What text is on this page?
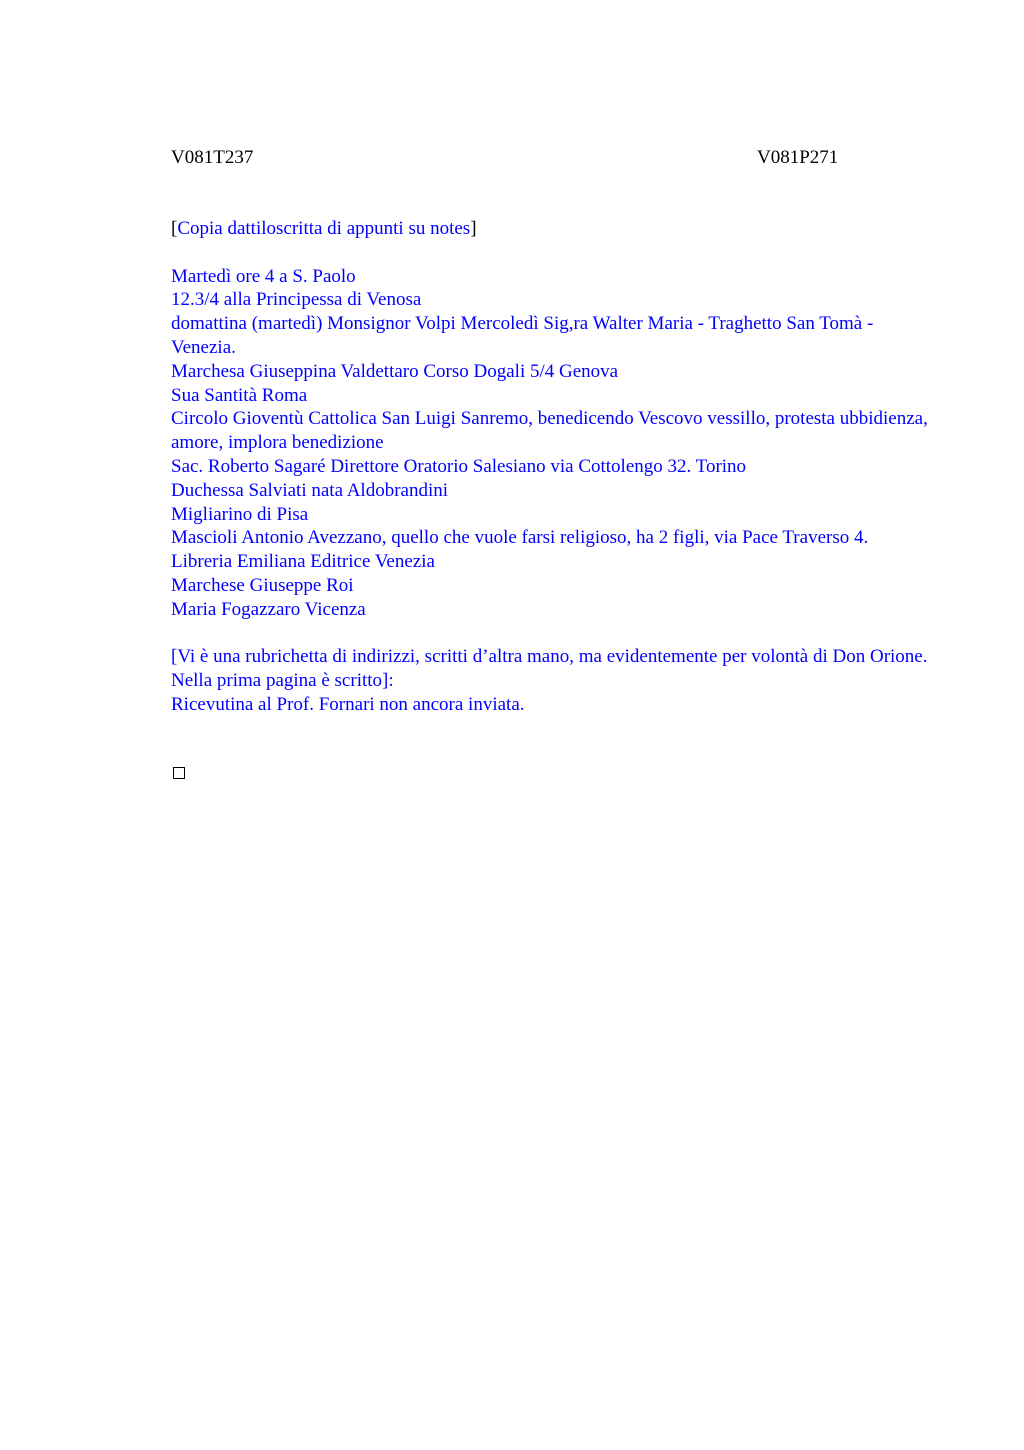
V081T237	V081P271

[Copia dattiloscritta di appunti su notes]

Martedì ore 4 a S. Paolo
12.3/4 alla Principessa di Venosa
domattina (martedì) Monsignor Volpi Mercoledì Sig,ra Walter Maria - Traghetto San Tomà - Venezia.
Marchesa Giuseppina Valdettaro Corso Dogali 5/4 Genova
Sua Santità Roma
Circolo Gioventù Cattolica San Luigi Sanremo, benedicendo Vescovo vessillo, protesta ubbidienza, amore, implora benedizione
Sac. Roberto Sagaré Direttore Oratorio Salesiano via Cottolengo 32. Torino
Duchessa Salviati nata Aldobrandini
Migliarino di Pisa
Mascioli Antonio Avezzano, quello che vuole farsi religioso, ha 2 figli, via Pace Traverso 4.
Libreria Emiliana Editrice Venezia
Marchese Giuseppe Roi
Maria Fogazzaro Vicenza

[Vi è una rubrichetta di indirizzi, scritti d’altra mano, ma evidentemente per volontà di Don Orione. Nella prima pagina è scritto]:

Ricevutina al Prof. Fornari non ancora inviata.
